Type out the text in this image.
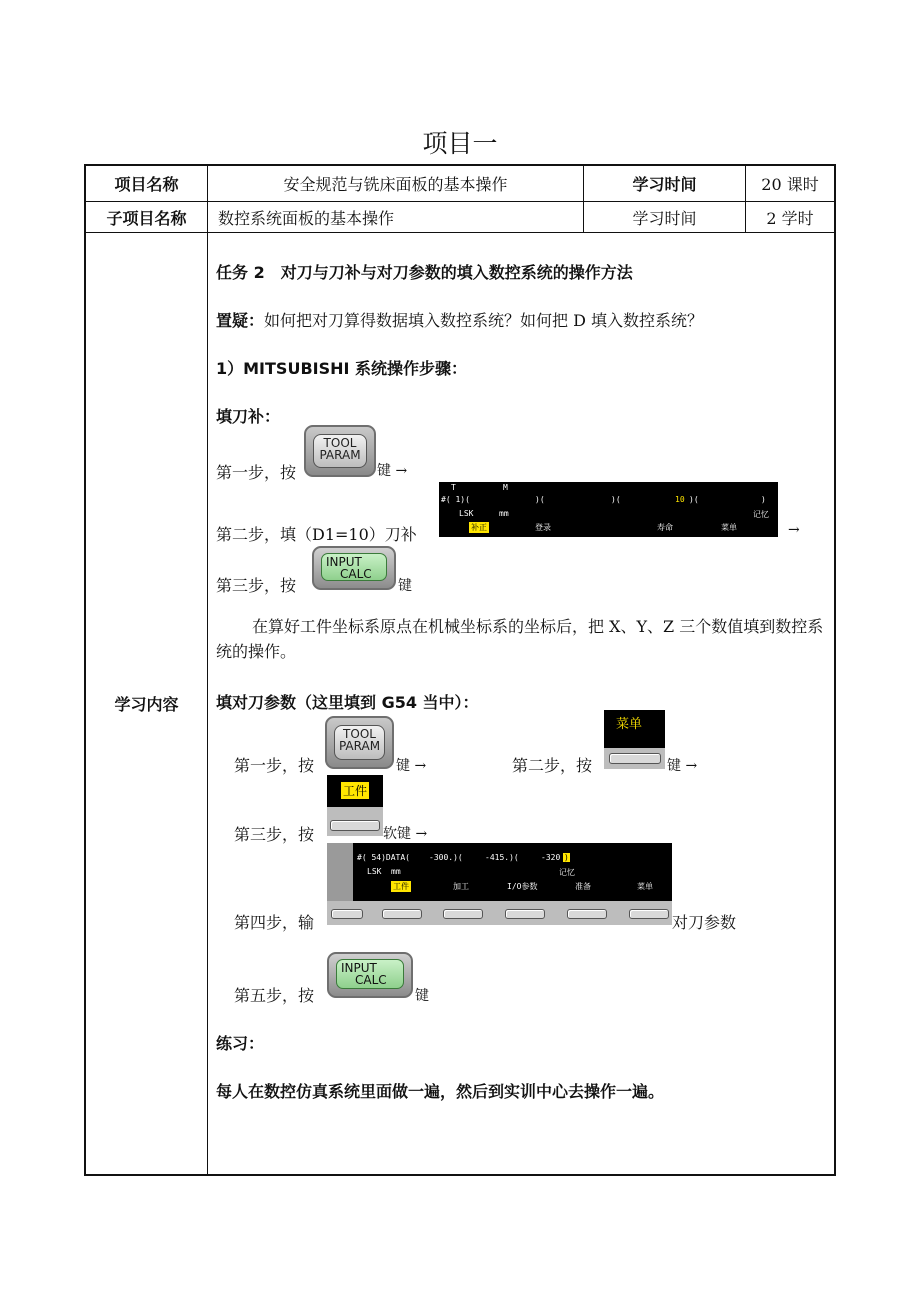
项目一
项目名称	安全规范与铣床面板的基本操作	学习时间	20 课时
子项目名称	数控系统面板的基本操作	学习时间	2 学时
学习内容
任务 2　对刀与刀补与对刀参数的填入数控系统的操作方法
置疑：如何把对刀算得数据填入数控系统？如何把 D 填入数控系统？
1）MITSUBISHI 系统操作步骤：
填刀补：
第一步，按
TOOL
PARAM
键 →
第二步，填（D1=10）刀补
T	M
#( 1)(	)(	)(	10 )(	)
LSK	mm	记忆
补正	登录	寿命	菜单	→
第三步，按
INPUT
CALC
键
在算好工件坐标系原点在机械坐标系的坐标后，把 X、Y、Z 三个数值填到数控系统的操作。
填对刀参数（这里填到 G54 当中）：
第一步，按
TOOL
PARAM
键 →	第二步，按
菜单
键 →
第三步，按
工件
软键 →
第四步，输
#( 54)DATA( -300.)(	-415.)(	-320 )
LSK mm	记忆
工件	加工	I/O参数	准备	菜单
对刀参数
第五步，按
INPUT
CALC
键
练习：
每人在数控仿真系统里面做一遍，然后到实训中心去操作一遍。
